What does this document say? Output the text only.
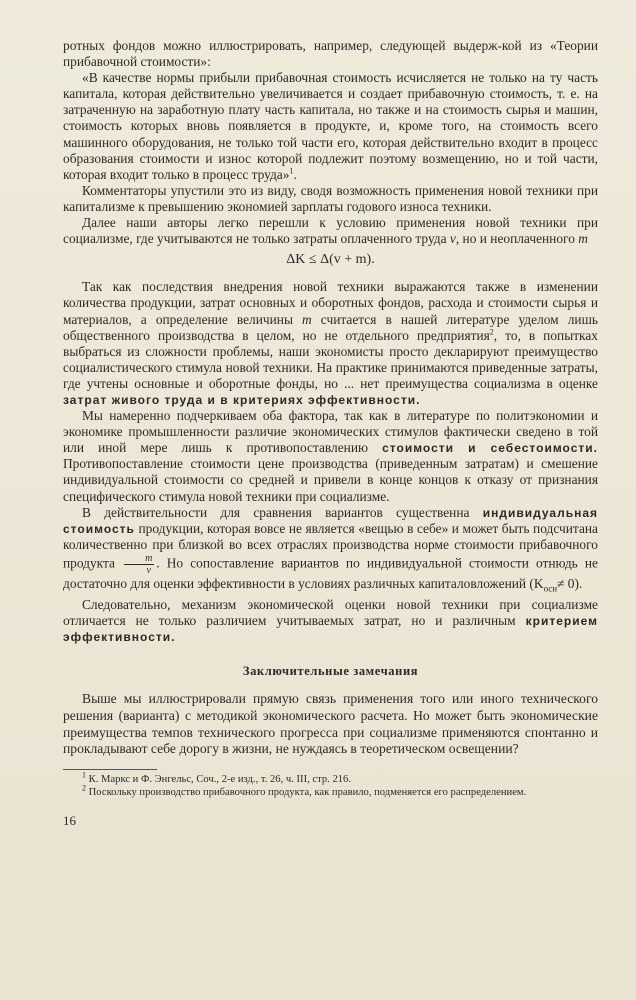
ротных фондов можно иллюстрировать, например, следующей выдерж-кой из «Теории прибавочной стоимости»:

«В качестве нормы прибыли прибавочная стоимость исчисляется не только на ту часть капитала, которая действительно увеличивается и создает прибавочную стоимость, т. е. на затраченную на заработную плату часть капитала, но также и на стоимость сырья и машин, стоимость которых вновь появляется в продукте, и, кроме того, на стоимость всего машинного оборудования, не только той части его, которая действительно входит в процесс образования стоимости и износ которой подлежит поэтому возмещению, но и той части, которая входит только в процесс труда»$^1$.

Комментаторы упустили это из виду, сводя возможность применения новой техники при капитализме к превышению экономией зарплаты годового износа техники.

Далее наши авторы легко перешли к условию применения новой техники при социализме, где учитываются не только затраты оплаченного труда v, но и неоплаченного m

ΔK ≤ Δ(v + m).

Так как последствия внедрения новой техники выражаются также в изменении количества продукции, затрат основных и оборотных фондов, расхода и стоимости сырья и материалов, а определение величины m считается в нашей литературе уделом лишь общественного производства в целом, но не отдельного предприятия$^2$, то, в попытках выбраться из сложности проблемы, наши экономисты просто декларируют преимущество социалистического стимула новой техники. На практике принимаются приведенные затраты, где учтены основные и оборотные фонды, но ... нет преимущества социализма в оценке затрат живого труда и в критериях эффективности.

Мы намеренно подчеркиваем оба фактора, так как в литературе по политэкономии и экономике промышленности различие экономических стимулов фактически сведено в той или иной мере лишь к противопоставлению стоимости и себестоимости. Противопоставление стоимости цене производства (приведенным затратам) и смешение индивидуальной стоимости со средней и привели в конце концов к отказу от признания специфического стимула новой техники при социализме.

В действительности для сравнения вариантов существенна индивидуальная стоимость продукции, которая вовсе не является «вещью в себе» и может быть подсчитана количественно при близкой во всех отраслях производства норме стоимости прибавочного продукта $\frac{m}{v}$ . Но сопоставление вариантов по индивидуальной стоимости отнюдь не достаточно для оценки эффективности в условиях различных капиталовложений $(K_{осн}\ne 0)$.

Следовательно, механизм экономической оценки новой техники при социализме отличается не только различием учитываемых затрат, но и различным критерием эффективности.

Заключительные замечания

Выше мы иллюстрировали прямую связь применения того или иного технического решения (варианта) с методикой экономического расчета. Но может быть экономические преимущества темпов технического прогресса при социализме применяются спонтанно и прокладывают себе дорогу в жизни, не нуждаясь в теоретическом освещении?

$^1$ К. Маркс и Ф. Энгельс, Соч., 2-е изд., т. 26, ч. III, стр. 216.

$^2$ Поскольку производство прибавочного продукта, как правило, подменяется его распределением.

16
